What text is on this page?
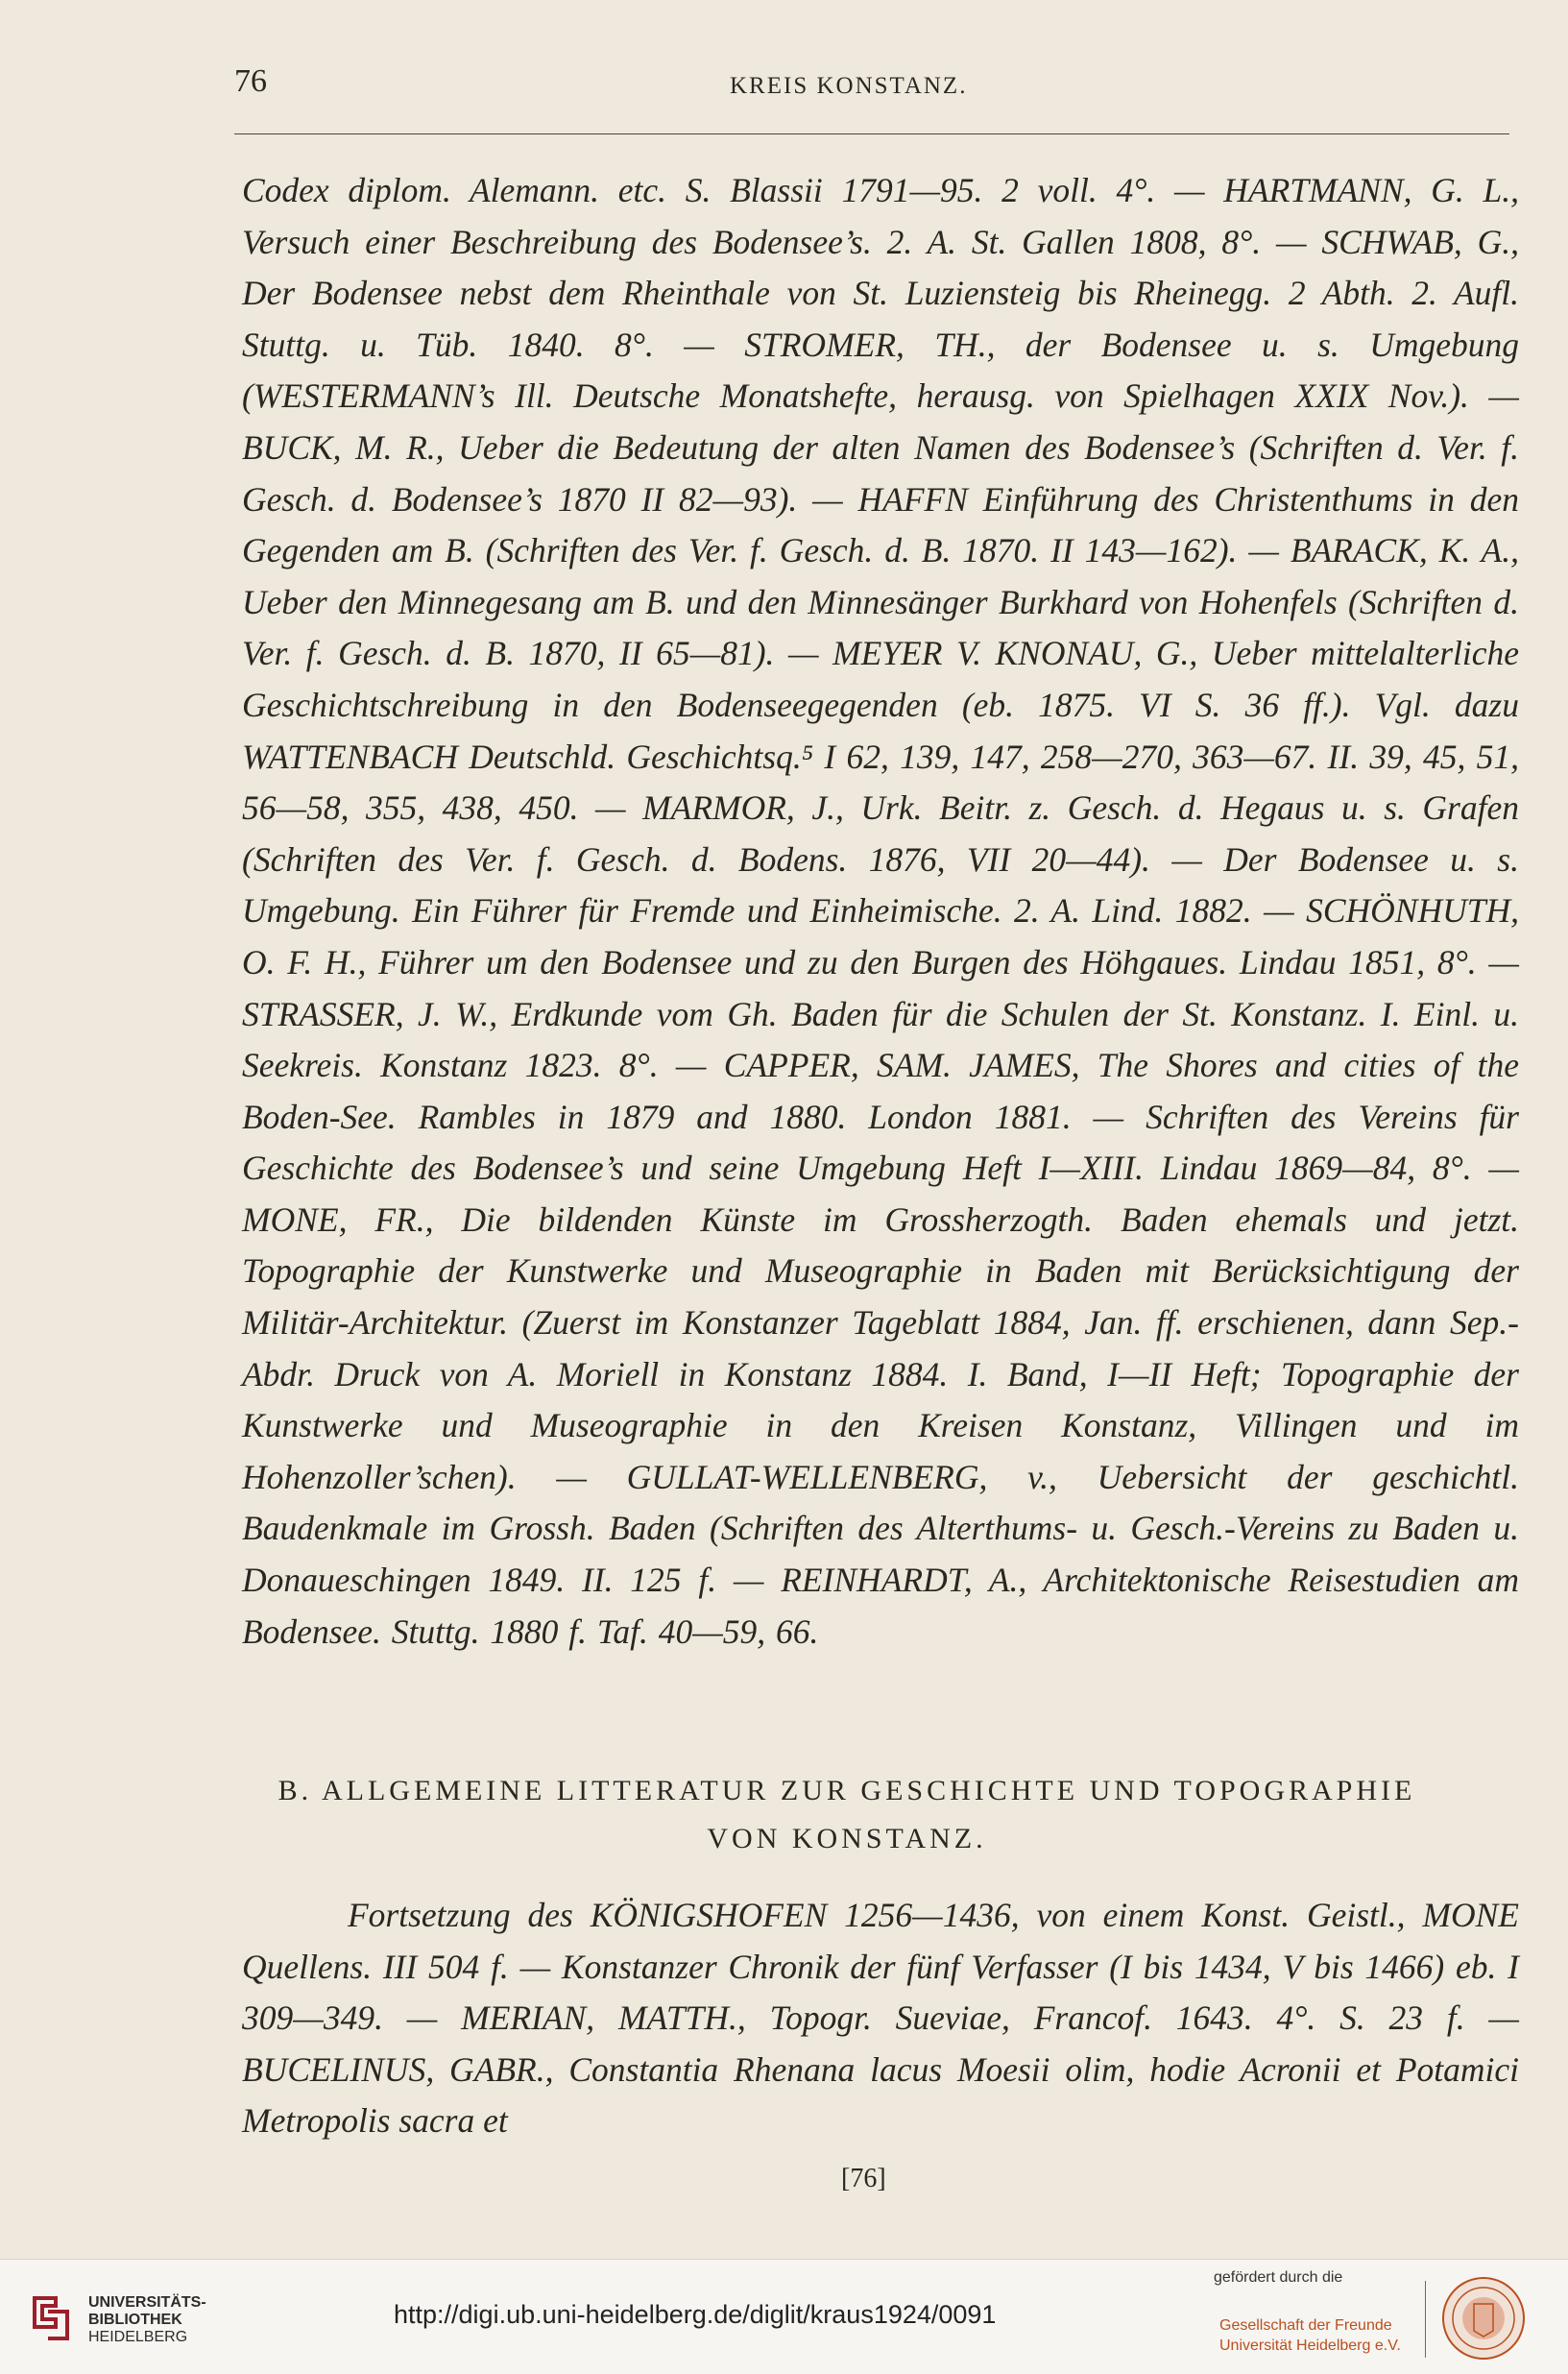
76	KREIS KONSTANZ.
Codex diplom. Alemann. etc. S. Blassii 1791—95. 2 voll. 4°. — HARTMANN, G. L., Versuch einer Beschreibung des Bodensee’s. 2. A. St. Gallen 1808, 8°. — SCHWAB, G., Der Bodensee nebst dem Rheinthale von St. Luziensteig bis Rheinegg. 2 Abth. 2. Aufl. Stuttg. u. Tüb. 1840. 8°. — STROMER, TH., der Bodensee u. s. Umgebung (WESTERMANN’s Ill. Deutsche Monatshefte, herausg. von Spielhagen XXIX Nov.). — BUCK, M. R., Ueber die Bedeutung der alten Namen des Bodensee’s (Schriften d. Ver. f. Gesch. d. Bodensee’s 1870 II 82—93). — HAFFN Einführung des Christenthums in den Gegenden am B. (Schriften des Ver. f. Gesch. d. B. 1870. II 143—162). — BARACK, K. A., Ueber den Minnegesang am B. und den Minnesänger Burkhard von Hohenfels (Schriften d. Ver. f. Gesch. d. B. 1870, II 65—81). — MEYER V. KNONAU, G., Ueber mittelalterliche Geschichtschreibung in den Bodenseegegenden (eb. 1875. VI S. 36 ff.). Vgl. dazu WATTENBACH Deutschld. Geschichtsq.⁵ I 62, 139, 147, 258—270, 363—67. II. 39, 45, 51, 56—58, 355, 438, 450. — MARMOR, J., Urk. Beitr. z. Gesch. d. Hegaus u. s. Grafen (Schriften des Ver. f. Gesch. d. Bodens. 1876, VII 20—44). — Der Bodensee u. s. Umgebung. Ein Führer für Fremde und Einheimische. 2. A. Lind. 1882. — SCHÖNHUTH, O. F. H., Führer um den Bodensee und zu den Burgen des Höhgaues. Lindau 1851, 8°. — STRASSER, J. W., Erdkunde vom Gh. Baden für die Schulen der St. Konstanz. I. Einl. u. Seekreis. Konstanz 1823. 8°. — CAPPER, SAM. JAMES, The Shores and cities of the Boden-See. Rambles in 1879 and 1880. London 1881. — Schriften des Vereins für Geschichte des Bodensee’s und seine Umgebung Heft I—XIII. Lindau 1869—84, 8°. — MONE, FR., Die bildenden Künste im Grossherzogth. Baden ehemals und jetzt. Topographie der Kunstwerke und Museographie in Baden mit Berücksichtigung der Militär-Architektur. (Zuerst im Konstanzer Tageblatt 1884, Jan. ff. erschienen, dann Sep.-Abdr. Druck von A. Moriell in Konstanz 1884. I. Band, I—II Heft; Topographie der Kunstwerke und Museographie in den Kreisen Konstanz, Villingen und im Hohenzoller’schen). — GULLAT-WELLENBERG, v., Uebersicht der geschichtl. Baudenkmale im Grossh. Baden (Schriften des Alterthums- u. Gesch.-Vereins zu Baden u. Donaueschingen 1849. II. 125 f. — REINHARDT, A., Architektonische Reisestudien am Bodensee. Stuttg. 1880 f. Taf. 40—59, 66.
B. ALLGEMEINE LITTERATUR ZUR GESCHICHTE UND TOPOGRAPHIE VON KONSTANZ.
Fortsetzung des KÖNIGSHOFEN 1256—1436, von einem Konst. Geistl., MONE Quellens. III 504 f. — Konstanzer Chronik der fünf Verfasser (I bis 1434, V bis 1466) eb. I 309—349. — MERIAN, MATTH., Topogr. Sueviae, Francof. 1643. 4°. S. 23 f. — BUCELINUS, GABR., Constantia Rhenana lacus Moesii olim, hodie Acronii et Potamici Metropolis sacra et
[76]
UNIVERSITÄTS-
BIBLIOTHEK
HEIDELBERG
http://digi.ub.uni-heidelberg.de/diglit/kraus1924/0091
gefördert durch die
Gesellschaft der Freunde
Universität Heidelberg e.V.
